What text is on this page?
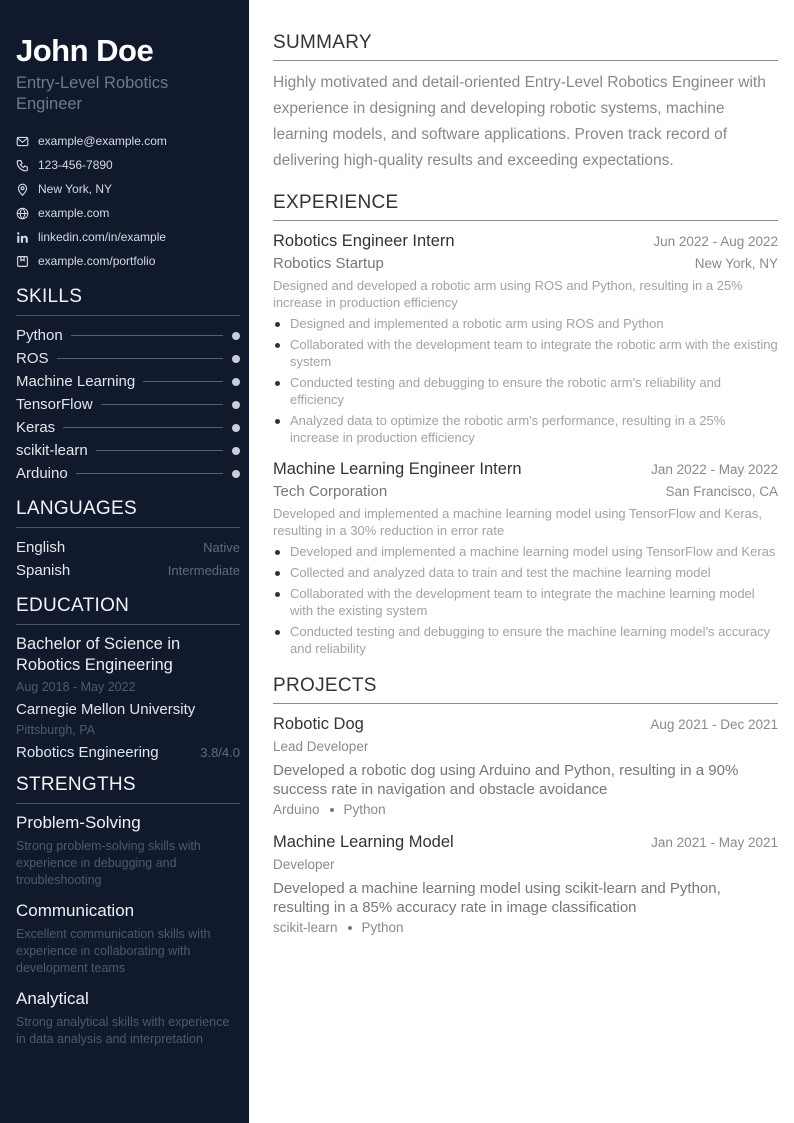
John Doe
Entry-Level Robotics Engineer
example@example.com
123-456-7890
New York, NY
example.com
linkedin.com/in/example
example.com/portfolio
SKILLS
Python
ROS
Machine Learning
TensorFlow
Keras
scikit-learn
Arduino
LANGUAGES
English	Native
Spanish	Intermediate
EDUCATION
Bachelor of Science in Robotics Engineering
Aug 2018 - May 2022
Carnegie Mellon University
Pittsburgh, PA
Robotics Engineering	3.8/4.0
STRENGTHS
Problem-Solving
Strong problem-solving skills with experience in debugging and troubleshooting
Communication
Excellent communication skills with experience in collaborating with development teams
Analytical
Strong analytical skills with experience in data analysis and interpretation
SUMMARY

Highly motivated and detail-oriented Entry-Level Robotics Engineer with experience in designing and developing robotic systems, machine learning models, and software applications. Proven track record of delivering high-quality results and exceeding expectations.

EXPERIENCE
Robotics Engineer Intern	Jun 2022 - Aug 2022
Robotics Startup	New York, NY
Designed and developed a robotic arm using ROS and Python, resulting in a 25% increase in production efficiency
Designed and implemented a robotic arm using ROS and Python
Collaborated with the development team to integrate the robotic arm with the existing system
Conducted testing and debugging to ensure the robotic arm's reliability and efficiency
Analyzed data to optimize the robotic arm's performance, resulting in a 25% increase in production efficiency
Machine Learning Engineer Intern	Jan 2022 - May 2022
Tech Corporation	San Francisco, CA
Developed and implemented a machine learning model using TensorFlow and Keras, resulting in a 30% reduction in error rate
Developed and implemented a machine learning model using TensorFlow and Keras
Collected and analyzed data to train and test the machine learning model
Collaborated with the development team to integrate the machine learning model with the existing system
Conducted testing and debugging to ensure the machine learning model's accuracy and reliability
PROJECTS
Robotic Dog	Aug 2021 - Dec 2021
Lead Developer
Developed a robotic dog using Arduino and Python, resulting in a 90% success rate in navigation and obstacle avoidance
Arduino Python
Machine Learning Model	Jan 2021 - May 2021
Developer
Developed a machine learning model using scikit-learn and Python, resulting in a 85% accuracy rate in image classification
scikit-learn Python
